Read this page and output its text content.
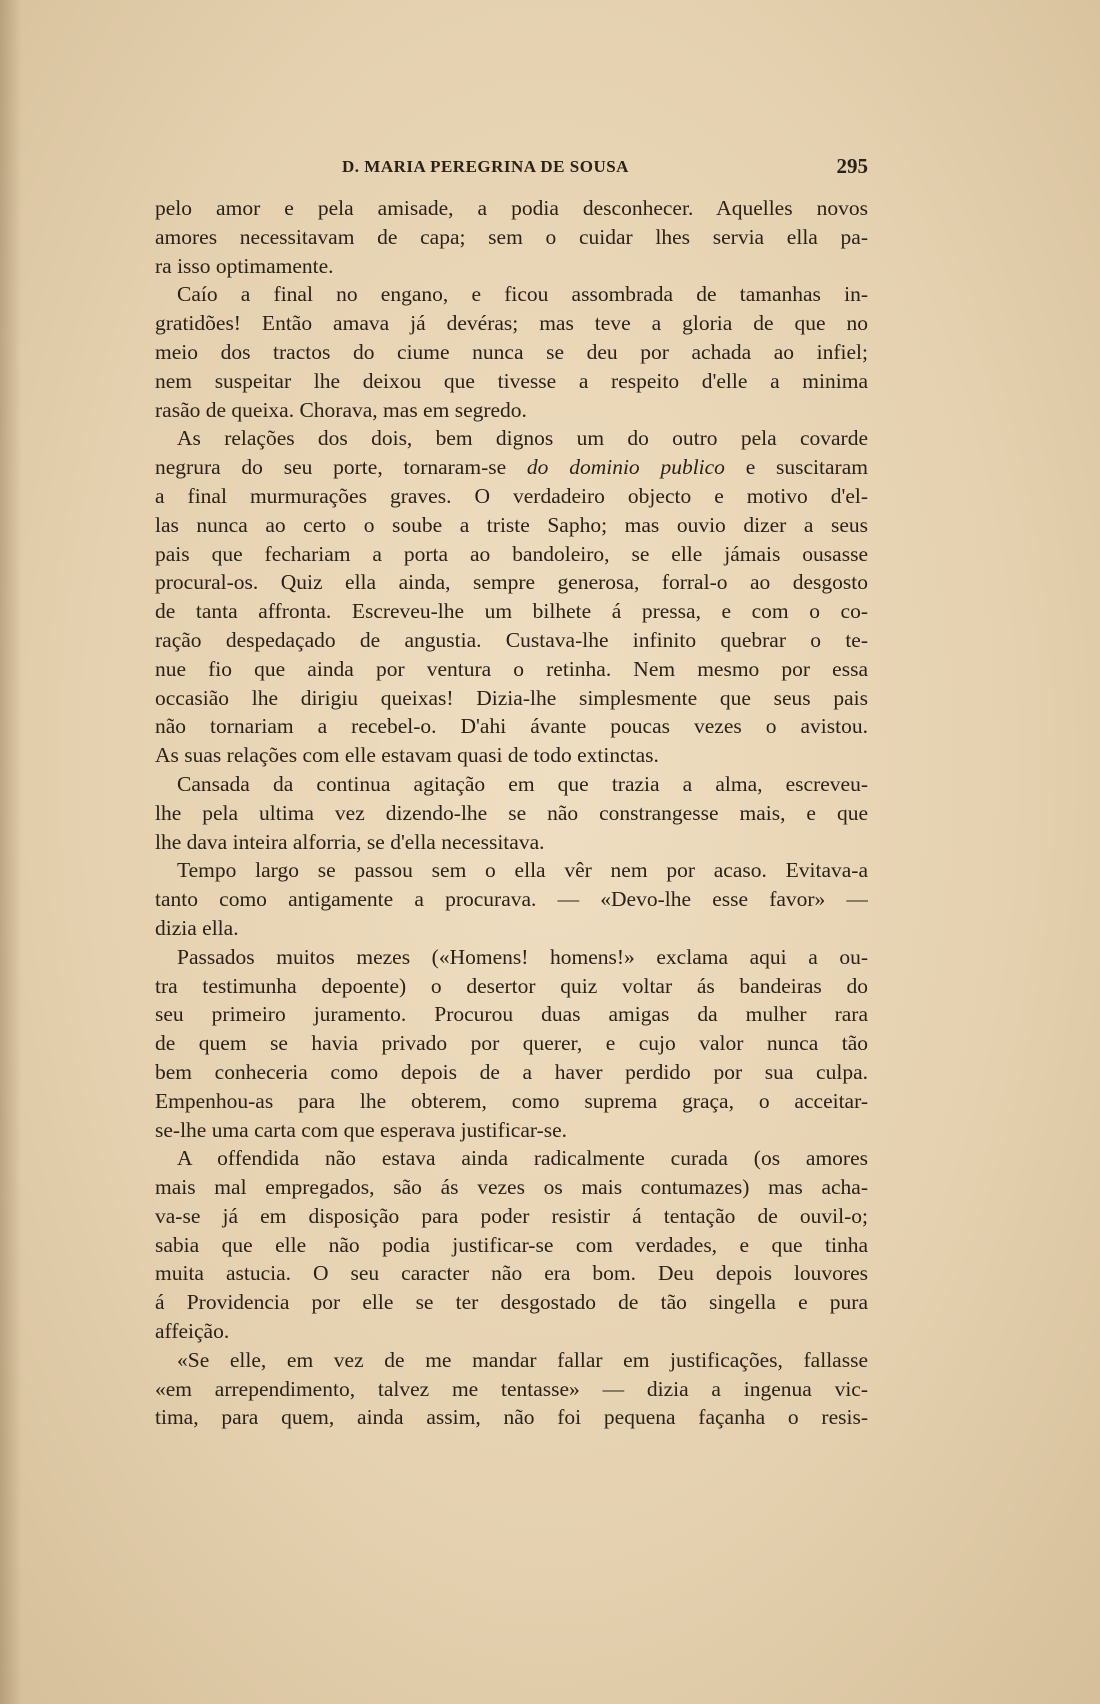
D. MARIA PEREGRINA DE SOUSA	295
pelo amor e pela amisade, a podia desconhecer. Aquelles novos
amores necessitavam de capa; sem o cuidar lhes servia ella pa-
ra isso optimamente.
Caío a final no engano, e ficou assombrada de tamanhas in-
gratidões! Então amava já devéras; mas teve a gloria de que no
meio dos tractos do ciume nunca se deu por achada ao infiel;
nem suspeitar lhe deixou que tivesse a respeito d'elle a minima
rasão de queixa. Chorava, mas em segredo.
As relações dos dois, bem dignos um do outro pela covarde
negrura do seu porte, tornaram-se do dominio publico e suscitaram
a final murmurações graves. O verdadeiro objecto e motivo d'el-
las nunca ao certo o soube a triste Sapho; mas ouvio dizer a seus
pais que fechariam a porta ao bandoleiro, se elle jámais ousasse
procural-os. Quiz ella ainda, sempre generosa, forral-o ao desgosto
de tanta affronta. Escreveu-lhe um bilhete á pressa, e com o co-
ração despedaçado de angustia. Custava-lhe infinito quebrar o te-
nue fio que ainda por ventura o retinha. Nem mesmo por essa
occasião lhe dirigiu queixas! Dizia-lhe simplesmente que seus pais
não tornariam a recebel-o. D'ahi ávante poucas vezes o avistou.
As suas relações com elle estavam quasi de todo extinctas.
Cansada da continua agitação em que trazia a alma, escreveu-
lhe pela ultima vez dizendo-lhe se não constrangesse mais, e que
lhe dava inteira alforria, se d'ella necessitava.
Tempo largo se passou sem o ella vêr nem por acaso. Evitava-a
tanto como antigamente a procurava. — «Devo-lhe esse favor» —
dizia ella.
Passados muitos mezes («Homens! homens!» exclama aqui a ou-
tra testimunha depoente) o desertor quiz voltar ás bandeiras do
seu primeiro juramento. Procurou duas amigas da mulher rara
de quem se havia privado por querer, e cujo valor nunca tão
bem conheceria como depois de a haver perdido por sua culpa.
Empenhou-as para lhe obterem, como suprema graça, o acceitar-
se-lhe uma carta com que esperava justificar-se.
A offendida não estava ainda radicalmente curada (os amores
mais mal empregados, são ás vezes os mais contumazes) mas acha-
va-se já em disposição para poder resistir á tentação de ouvil-o;
sabia que elle não podia justificar-se com verdades, e que tinha
muita astucia. O seu caracter não era bom. Deu depois louvores
á Providencia por elle se ter desgostado de tão singella e pura
affeição.
«Se elle, em vez de me mandar fallar em justificações, fallasse
«em arrependimento, talvez me tentasse» — dizia a ingenua vic-
tima, para quem, ainda assim, não foi pequena façanha o resis-
